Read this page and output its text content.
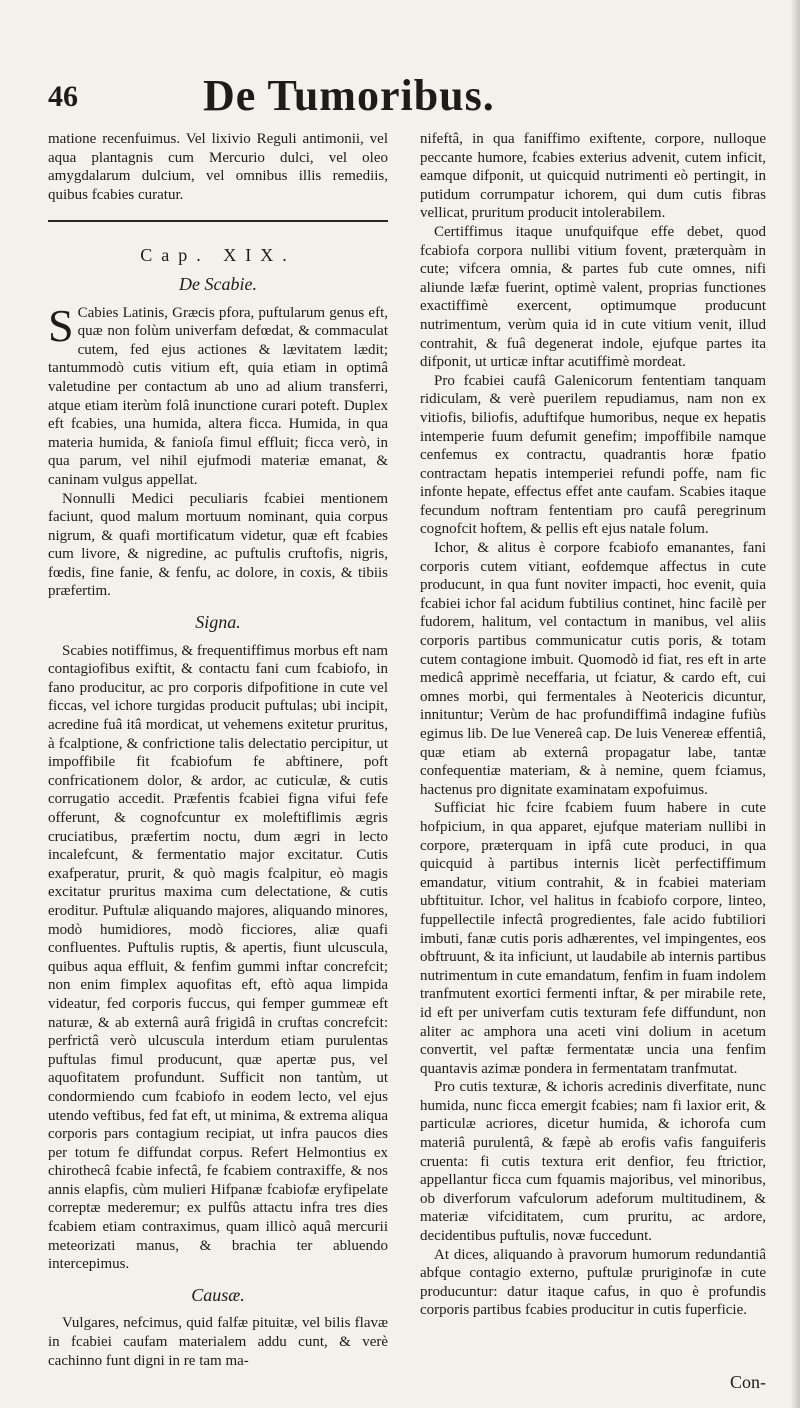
46	De Tumoribus.

matione recenfuimus. Vel lixivio Reguli antimonii, vel aqua plantagnis cum Mercurio dulci, vel oleo amygdalarum dulcium, vel omnibus illis remediis, quibus fcabies curatur.

Cap. XIX.
De Scabie.

S Cabies Latinis, Græcis pfora, puftularum genus eft, quæ non folùm univerfam defœdat, & commaculat cutem, fed ejus actiones & lævitatem lædit; tantummodò cutis vitium eft, quia etiam in optimâ valetudine per contactum ab uno ad alium transferri, atque etiam iterùm folâ inunctione curari poteft. Duplex eft fcabies, una humida, altera ficca. Humida, in qua materia humida, & fanioſa fimul effluit; ficca verò, in qua parum, vel nihil ejufmodi materiæ emanat, & caninam vulgus appellat.

Nonnulli Medici peculiaris fcabiei mentionem faciunt, quod malum mortuum nominant, quia corpus nigrum, & quafi mortificatum videtur, quæ eft fcabies cum livore, & nigredine, ac puftulis cruftofis, nigris, fœdis, fine fanie, & fenfu, ac dolore, in coxis, & tibiis præfertim.

Signa.

Scabies notiffimus, & frequentiffimus morbus eft nam contagiofibus exiftit, & contactu fani cum fcabiofo, in fano producitur, ac pro corporis difpofitione in cute vel ficcas, vel ichore turgidas producit puftulas; ubi incipit, acredine fuâ itâ mordicat, ut vehemens exitetur pruritus, à fcalptione, & confrictione talis delectatio percipitur, ut impoffibile fit fcabiofum fe abftinere, poft confricationem dolor, & ardor, ac cuticulæ, & cutis corrugatio accedit. Præfentis fcabiei figna vifui fefe offerunt, & cognofcuntur ex moleftiflimis ægris cruciatibus, præfertim noctu, dum ægri in lecto incalefcunt, & fermentatio major excitatur. Cutis exafperatur, prurit, & quò magis fcalpitur, eò magis excitatur pruritus maxima cum delectatione, & cutis eroditur. Puftulæ aliquando majores, aliquando minores, modò humidiores, modò ficciores, aliæ quafi confluentes. Puftulis ruptis, & apertis, fiunt ulcuscula, quibus aqua effluit, & fenfim gummi inftar concrefcit; non enim fimplex aquofitas eft, eftò aqua limpida videatur, fed corporis fuccus, qui femper gummeæ eft naturæ, & ab externâ aurâ frigidâ in cruftas concrefcit: perfrictâ verò ulcuscula interdum etiam purulentas puftulas fimul producunt, quæ apertæ pus, vel aquofitatem profundunt. Sufficit non tantùm, ut condormiendo cum fcabiofo in eodem lecto, vel ejus utendo veftibus, fed fat eft, ut minima, & extrema aliqua corporis pars contagium recipiat, ut infra paucos dies per totum fe diffundat corpus. Refert Helmontius ex chirothecâ fcabie infectâ, fe fcabiem contraxiffe, & nos annis elapfis, cùm mulieri Hifpanæ fcabiofæ eryfipelate correptæ mederemur; ex pulfûs attactu infra tres dies fcabiem etiam contraximus, quam illicò aquâ mercurii meteorizati manus, & brachia ter abluendo intercepimus.

Causæ.

Vulgares, nefcimus, quid falfæ pituitæ, vel bilis flavæ in fcabiei caufam materialem addu cunt, & verè cachinno funt digni in re tam ma-

nifeftâ, in qua faniffimo exiftente, corpore, nulloque peccante humore, fcabies exterius advenit, cutem inficit, eamque difponit, ut quicquid nutrimenti eò pertingit, in putidum corrumpatur ichorem, qui dum cutis fibras vellicat, pruritum producit intolerabilem.

Certiffimus itaque unufquifque effe debet, quod fcabiofa corpora nullibi vitium fovent, præterquàm in cute; vifcera omnia, & partes fub cute omnes, nifi aliunde læfæ fuerint, optimè valent, proprias functiones exactiffimè exercent, optimumque producunt nutrimentum, verùm quia id in cute vitium venit, illud contrahit, & fuâ degenerat indole, ejufque partes ita difponit, ut urticæ inftar acutiffimè mordeat.

Pro fcabiei caufâ Galenicorum fententiam tanquam ridiculam, & verè puerilem repudiamus, nam non ex vitiofis, biliofis, aduftifque humoribus, neque ex hepatis intemperie fuum defumit genefim; impoffibile namque cenfemus ex contractu, quadrantis horæ fpatio contractam hepatis intemperiei refundi poffe, nam fic infonte hepate, effectus effet ante caufam. Scabies itaque fecundum noftram fententiam pro caufâ peregrinum cognofcit hoftem, & pellis eft ejus natale folum.

Ichor, & alitus è corpore fcabiofo emanantes, fani corporis cutem vitiant, eofdemque affectus in cute producunt, in qua funt noviter impacti, hoc evenit, quia fcabiei ichor fal acidum fubtilius continet, hinc facilè per fudorem, halitum, vel contactum in manibus, vel aliis corporis partibus communicatur cutis poris, & totam cutem contagione imbuit. Quomodò id fiat, res eft in arte medicâ apprimè neceffaria, ut fciatur, & cardo eft, cui omnes morbi, qui fermentales à Neotericis dicuntur, innituntur; Verùm de hac profundiffimâ indagine fufiùs egimus lib. De lue Venereâ cap. De luis Venereæ effentiâ, quæ etiam ab externâ propagatur labe, tantæ confequentiæ materiam, & à nemine, quem fciamus, hactenus pro dignitate examinatam expofuimus.

Sufficiat hic fcire fcabiem fuum habere in cute hofpicium, in qua apparet, ejufque materiam nullibi in corpore, præterquam in ipfâ cute produci, in qua quicquid à partibus internis licèt perfectiffimum emandatur, vitium contrahit, & in fcabiei materiam ubftituitur. Ichor, vel halitus in fcabiofo corpore, linteo, fuppellectile infectâ progredientes, fale acido fubtiliori imbuti, fanæ cutis poris adhærentes, vel impingentes, eos obftruunt, & ita inficiunt, ut laudabile ab internis partibus nutrimentum in cute emandatum, fenfim in fuam indolem tranfmutent exortici fermenti inftar, & per mirabile rete, id eft per univerfam cutis texturam fefe diffundunt, non aliter ac amphora una aceti vini dolium in acetum convertit, vel paftæ fermentatæ uncia una fenfim quantavis azimæ pondera in fermentatam tranfmutat.

Pro cutis texturæ, & ichoris acredinis diverfitate, nunc humida, nunc ficca emergit fcabies; nam fi laxior erit, & particulæ acriores, dicetur humida, & ichorofa cum materiâ purulentâ, & fæpè ab erofis vafis fanguiferis cruenta: fi cutis textura erit denfior, feu ftrictior, appellantur ficca cum fquamis majoribus, vel minoribus, ob diverforum vafculorum adeforum multitudinem, & materiæ vifciditatem, cum pruritu, ac ardore, decidentibus puftulis, novæ fuccedunt.

At dices, aliquando à pravorum humorum redundantiâ abfque contagio externo, puftulæ pruriginofæ in cute producuntur: datur itaque cafus, in quo è profundis corporis partibus fcabies producitur in cutis fuperficie.

Con-
